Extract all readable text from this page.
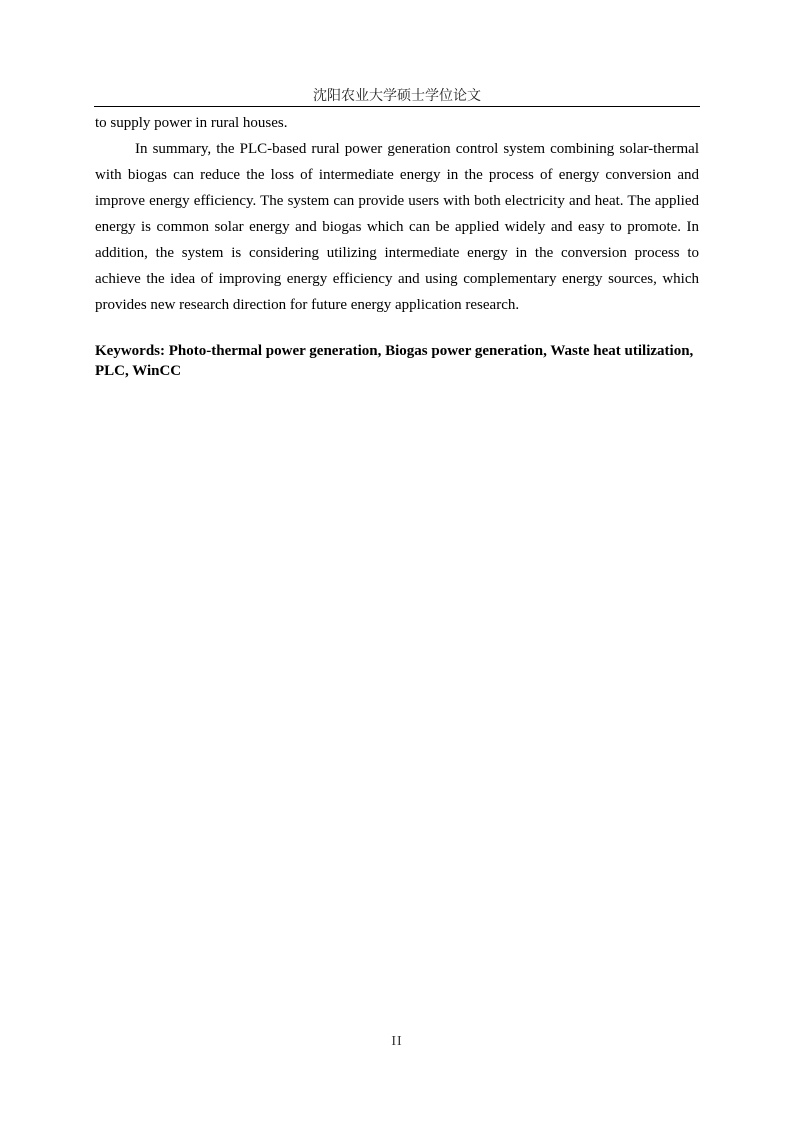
沈阳农业大学硕士学位论文

to supply power in rural houses.

In summary, the PLC-based rural power generation control system combining solar-thermal with biogas can reduce the loss of intermediate energy in the process of energy conversion and improve energy efficiency. The system can provide users with both electricity and heat. The applied energy is common solar energy and biogas which can be applied widely and easy to promote. In addition, the system is considering utilizing intermediate energy in the conversion process to achieve the idea of improving energy efficiency and using complementary energy sources, which provides new research direction for future energy application research.

Keywords: Photo-thermal power generation, Biogas power generation, Waste heat utilization, PLC, WinCC
II
